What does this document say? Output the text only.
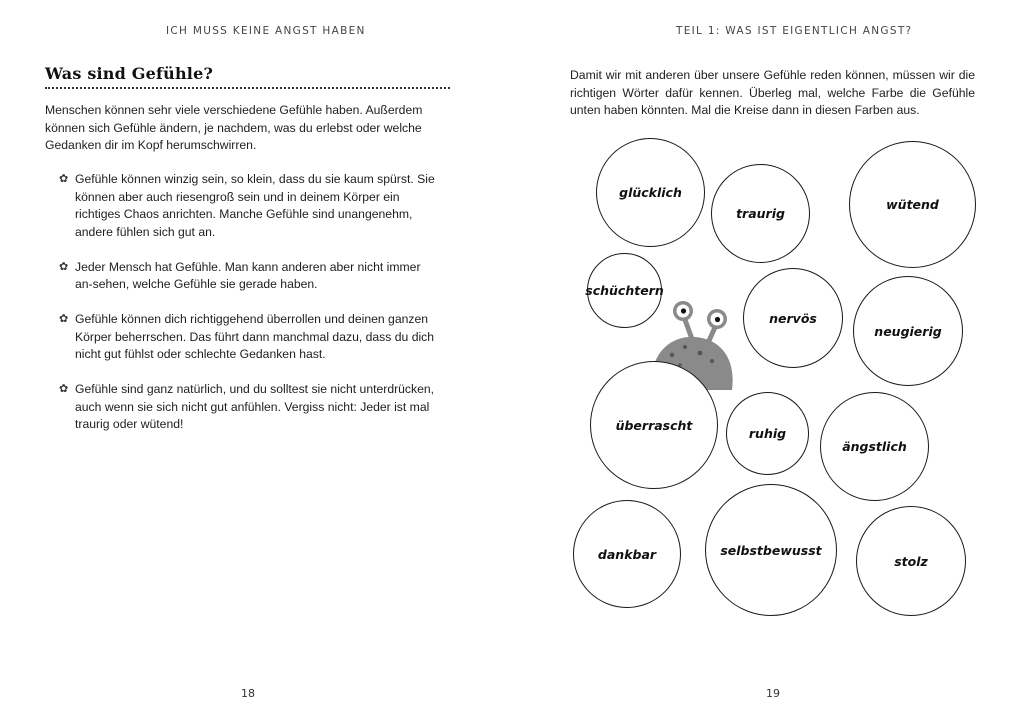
ICH MUSS KEINE ANGST HABEN
Was sind Gefühle?

Menschen können sehr viele verschiedene Gefühle haben. Außerdem können sich Gefühle ändern, je nachdem, was du erlebst oder welche Gedanken dir im Kopf herumschwirren.

✿ Gefühle können winzig sein, so klein, dass du sie kaum spürst. Sie können aber auch riesengroß sein und in deinem Körper ein richtiges Chaos anrichten. Manche Gefühle sind unangenehm, andere fühlen sich gut an.
✿ Jeder Mensch hat Gefühle. Man kann anderen aber nicht immer an-sehen, welche Gefühle sie gerade haben.
✿ Gefühle können dich richtiggehend überrollen und deinen ganzen Körper beherrschen. Das führt dann manchmal dazu, dass du dich nicht gut fühlst oder schlechte Gedanken hast.
✿ Gefühle sind ganz natürlich, und du solltest sie nicht unterdrücken, auch wenn sie sich nicht gut anfühlen. Vergiss nicht: Jeder ist mal traurig oder wütend!
18
TEIL 1: WAS IST EIGENTLICH ANGST?

Damit wir mit anderen über unsere Gefühle reden können, müssen wir die richtigen Wörter dafür kennen. Überleg mal, welche Farbe die Gefühle unten haben könnten. Mal die Kreise dann in diesen Farben aus.

glücklich
traurig
wütend
schüchtern
nervös
neugierig
überrascht
ruhig
ängstlich
dankbar	selbstbewusst
stolz
19
